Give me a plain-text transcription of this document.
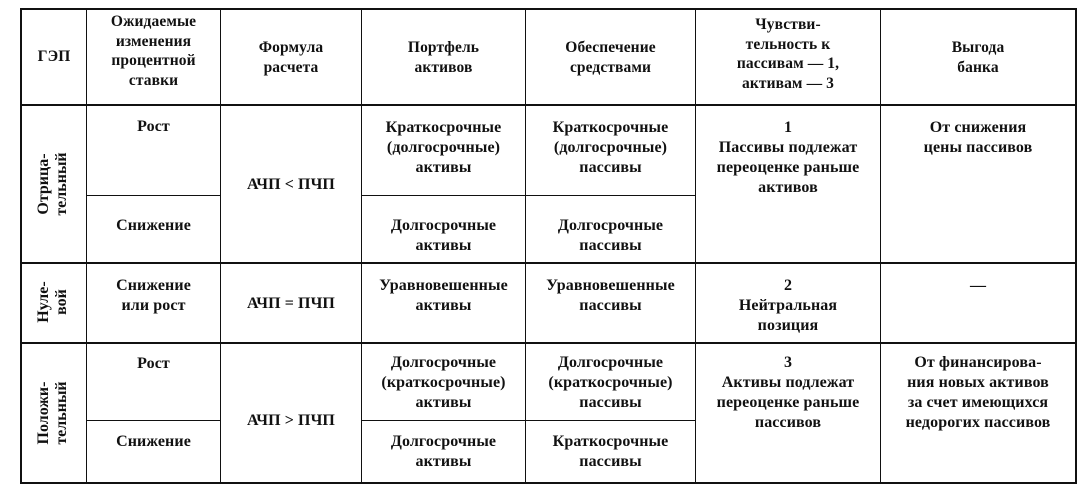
ГЭП
Ожидаемые
изменения
процентной
ставки
Формула
расчета
Портфель
активов
Обеспечение
средствами
Чувстви-
тельность к
пассивам — 1,
активам — 3
Выгода
банка
Отрица- тельный
Рост
Снижение
АЧП < ПЧП
Краткосрочные
(долгосрочные)
активы
Краткосрочные
(долгосрочные)
пассивы
Долгосрочные
активы
Долгосрочные
пассивы
1
Пассивы подлежат
переоценке раньше
активов
От снижения
цены пассивов
Нуле- вой
Снижение
или рост	АЧП = ПЧП
Уравновешенные
активы
Уравновешенные
пассивы
2
Нейтральная
позиция
—
Положи- тельный
Рост
Снижение
АЧП > ПЧП
Долгосрочные
(краткосрочные)
активы
Долгосрочные
(краткосрочные)
пассивы
Долгосрочные
активы
Краткосрочные
пассивы
3
Активы подлежат
переоценке раньше
пассивов
От финансирова-
ния новых активов
за счет имеющихся
недорогих пассивов
